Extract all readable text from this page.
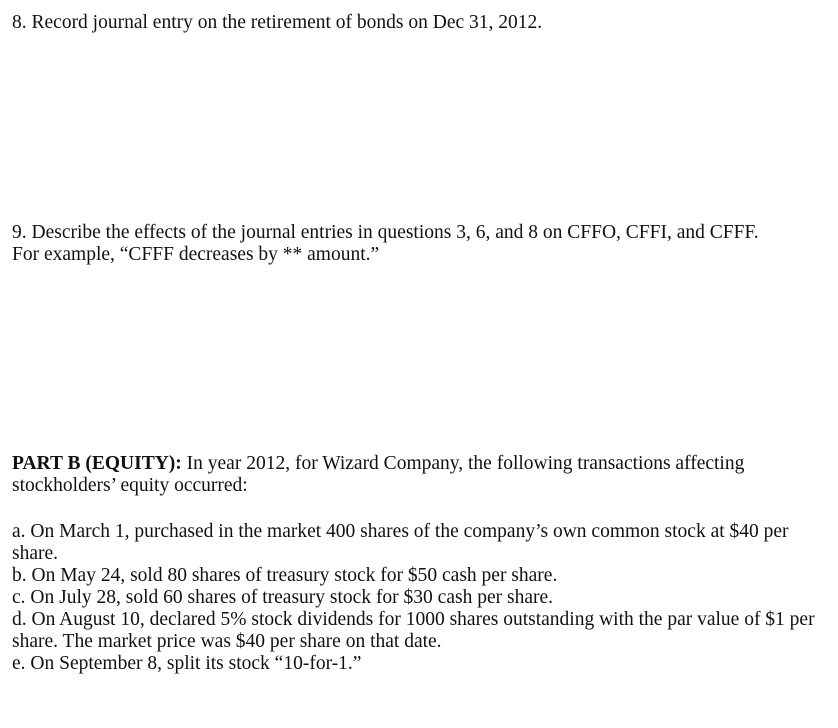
8. Record journal entry on the retirement of bonds on Dec 31, 2012.

9. Describe the effects of the journal entries in questions 3, 6, and 8 on CFFO, CFFI, and CFFF.

For example, “CFFF decreases by ** amount.”

PART B (EQUITY): In year 2012, for Wizard Company, the following transactions affecting stockholders’ equity occurred:

a. On March 1, purchased in the market 400 shares of the company’s own common stock at $40 per share.
b. On May 24, sold 80 shares of treasury stock for $50 cash per share.
c. On July 28, sold 60 shares of treasury stock for $30 cash per share.
d. On August 10, declared 5% stock dividends for 1000 shares outstanding with the par value of $1 per share. The market price was $40 per share on that date.
e. On September 8, split its stock “10-for-1.”
